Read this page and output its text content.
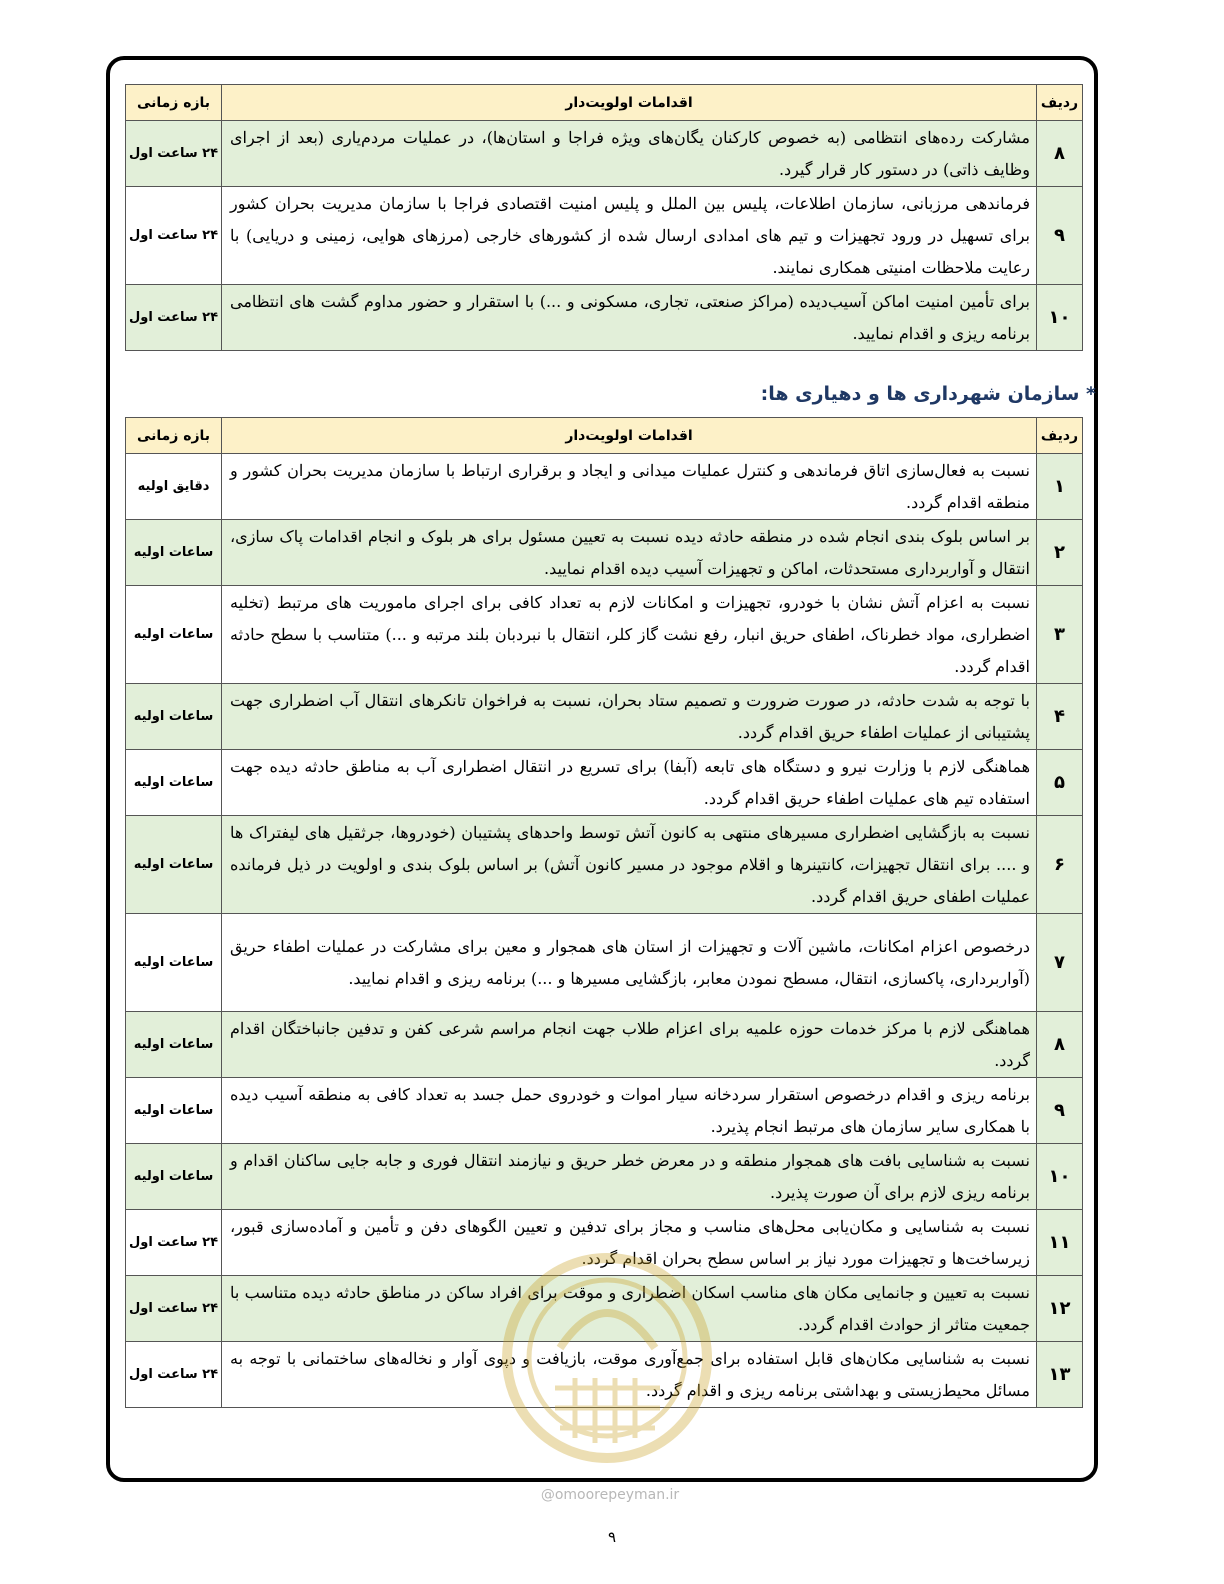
ردیف	اقدامات اولویت‌دار	بازه زمانی
۸	مشارکت رده‌های انتظامی (به خصوص کارکنان یگان‌های ویژه فراجا و استان‌ها)، در عملیات مردم‌یاری (بعد از اجرای وظایف ذاتی) در دستور کار قرار گیرد.	۲۴ ساعت اول
۹	فرماندهی مرزبانی، سازمان اطلاعات، پلیس بین الملل و پلیس امنیت اقتصادی فراجا با سازمان مدیریت بحران کشور برای تسهیل در ورود تجهیزات و تیم های امدادی ارسال شده از کشورهای خارجی (مرزهای هوایی، زمینی و دریایی) با رعایت ملاحظات امنیتی همکاری نمایند.	۲۴ ساعت اول
۱۰	برای تأمین امنیت اماکن آسیب‌دیده (مراکز صنعتی، تجاری، مسکونی و ...) با استقرار و حضور مداوم گشت های انتظامی برنامه ریزی و اقدام نمایید.	۲۴ ساعت اول
* سازمان شهرداری ها و دهیاری ها:
ردیف	اقدامات اولویت‌دار	بازه زمانی
۱	نسبت به فعال‌سازی اتاق فرماندهی و کنترل عملیات میدانی و ایجاد و برقراری ارتباط با سازمان مدیریت بحران کشور و منطقه اقدام گردد.	دقایق اولیه
۲	بر اساس بلوک بندی انجام شده در منطقه حادثه دیده نسبت به تعیین مسئول برای هر بلوک و انجام اقدامات پاک سازی، انتقال و آواربرداری مستحدثات، اماکن و تجهیزات آسیب دیده اقدام نمایید.	ساعات اولیه
۳	نسبت به اعزام آتش نشان با خودرو، تجهیزات و امکانات لازم به تعداد کافی برای اجرای ماموریت های مرتبط (تخلیه اضطراری، مواد خطرناک، اطفای حریق انبار، رفع نشت گاز کلر، انتقال با نبردبان بلند مرتبه و ...) متناسب با سطح حادثه اقدام گردد.	ساعات اولیه
۴	با توجه به شدت حادثه، در صورت ضرورت و تصمیم ستاد بحران، نسبت به فراخوان تانکرهای انتقال آب اضطراری جهت پشتیبانی از عملیات اطفاء حریق اقدام گردد.	ساعات اولیه
۵	هماهنگی لازم با وزارت نیرو و دستگاه های تابعه (آبفا) برای تسریع در انتقال اضطراری آب به مناطق حادثه دیده جهت استفاده تیم های عملیات اطفاء حریق اقدام گردد.	ساعات اولیه
۶	نسبت به بازگشایی اضطراری مسیرهای منتهی به کانون آتش توسط واحدهای پشتیبان (خودروها، جرثقیل های لیفتراک ها و .... برای انتقال تجهیزات، کانتینرها و اقلام موجود در مسیر کانون آتش) بر اساس بلوک بندی و اولویت در ذیل فرمانده عملیات اطفای حریق اقدام گردد.	ساعات اولیه
۷	درخصوص اعزام امکانات، ماشین آلات و تجهیزات از استان های همجوار و معین برای مشارکت در عملیات اطفاء حریق (آواربرداری، پاکسازی، انتقال، مسطح نمودن معابر، بازگشایی مسیرها و ...) برنامه ریزی و اقدام نمایید.	ساعات اولیه
۸	هماهنگی لازم با مرکز خدمات حوزه علمیه برای اعزام طلاب جهت انجام مراسم شرعی کفن و تدفین جانباختگان اقدام گردد.	ساعات اولیه
۹	برنامه ریزی و اقدام درخصوص استقرار سردخانه سیار اموات و خودروی حمل جسد به تعداد کافی به منطقه آسیب دیده با همکاری سایر سازمان های مرتبط انجام پذیرد.	ساعات اولیه
۱۰	نسبت به شناسایی بافت های همجوار منطقه و در معرض خطر حریق و نیازمند انتقال فوری و جابه جایی ساکنان اقدام و برنامه ریزی لازم برای آن صورت پذیرد.	ساعات اولیه
۱۱	نسبت به شناسایی و مکان‌یابی محل‌های مناسب و مجاز برای تدفین و تعیین الگوهای دفن و تأمین و آماده‌سازی قبور، زیرساخت‌ها و تجهیزات مورد نیاز بر اساس سطح بحران اقدام گردد.	۲۴ ساعت اول
۱۲	نسبت به تعیین و جانمایی مکان های مناسب اسکان اضطراری و موقت برای افراد ساکن در مناطق حادثه دیده متناسب با جمعیت متاثر از حوادث اقدام گردد.	۲۴ ساعت اول
۱۳	نسبت به شناسایی مکان‌های قابل استفاده برای جمع‌آوری موقت، بازیافت و دپوی آوار و نخاله‌های ساختمانی با توجه به مسائل محیط‌زیستی و بهداشتی برنامه ریزی و اقدام گردد.	۲۴ ساعت اول
@omoorepeyman.ir
۹
